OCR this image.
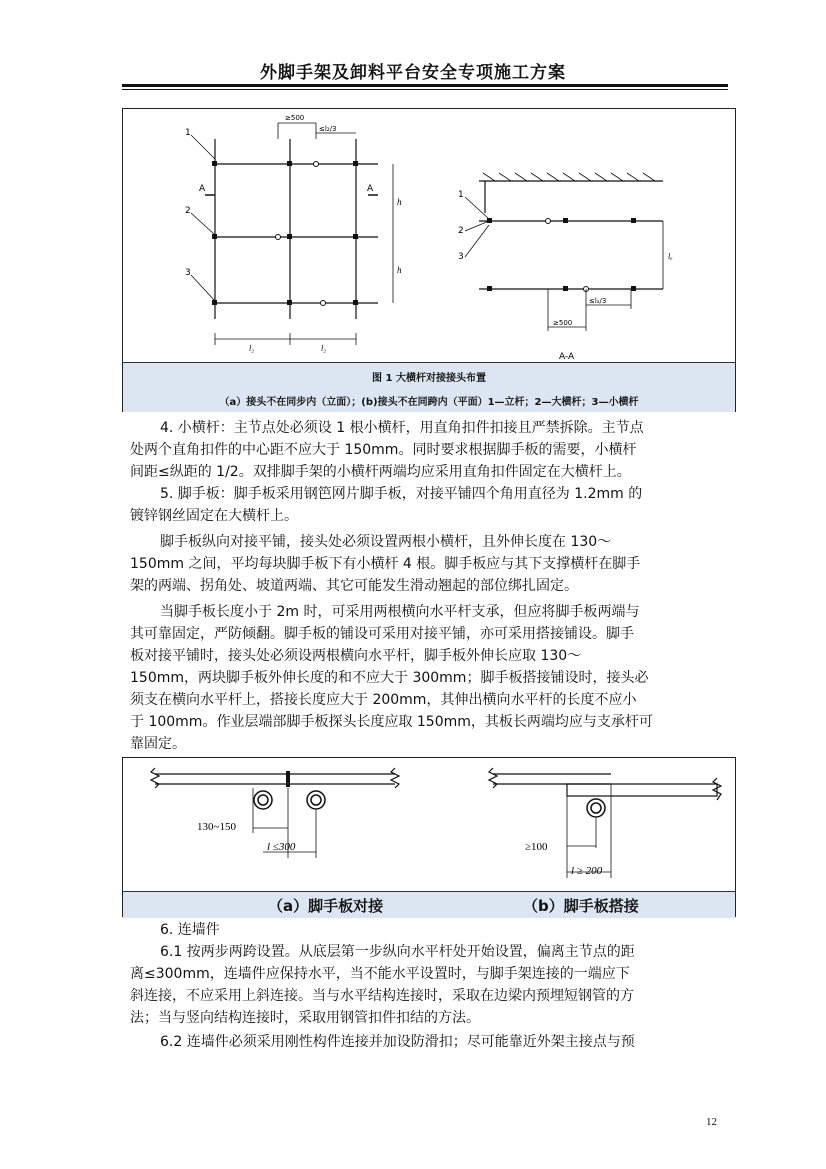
外脚手架及卸料平台安全专项施工方案
1
2
3
A	A
≥500
≤l₂/3
h
h
l₂	l₂
1
2
3	lₐ
≤lₐ/3
≥500
A-A
图 1 大横杆对接接头布置
（a）接头不在同步内（立面）；(b)接头不在同跨内（平面）1—立杆；2—大横杆；3—小横杆

4. 小横杆：主节点处必须设 1 根小横杆，用直角扣件扣接且严禁拆除。主节点

处两个直角扣件的中心距不应大于 150mm。同时要求根据脚手板的需要，小横杆

间距≤纵距的 1/2。双排脚手架的小横杆两端均应采用直角扣件固定在大横杆上。

5. 脚手板：脚手板采用钢笆网片脚手板，对接平铺四个角用直径为 1.2mm 的

镀锌钢丝固定在大横杆上。

脚手板纵向对接平铺，接头处必须设置两根小横杆，且外伸长度在 130～

150mm 之间，平均每块脚手板下有小横杆 4 根。脚手板应与其下支撑横杆在脚手

架的两端、拐角处、坡道两端、其它可能发生滑动翘起的部位绑扎固定。

当脚手板长度小于 2m 时，可采用两根横向水平杆支承，但应将脚手板两端与

其可靠固定，严防倾翻。脚手板的铺设可采用对接平铺，亦可采用搭接铺设。脚手

板对接平铺时，接头处必须设两根横向水平杆，脚手板外伸长应取 130～

150mm，两块脚手板外伸长度的和不应大于 300mm；脚手板搭接铺设时，接头必

须支在横向水平杆上，搭接长度应大于 200mm，其伸出横向水平杆的长度不应小

于 100mm。作业层端部脚手板探头长度应取 150mm，其板长两端均应与支承杆可

靠固定。

130~150
l ≤300	≥100
l ≥ 200
（a）脚手板对接	（b）脚手板搭接

6. 连墙件

6.1 按两步两跨设置。从底层第一步纵向水平杆处开始设置，偏离主节点的距

离≤300mm，连墙件应保持水平，当不能水平设置时，与脚手架连接的一端应下

斜连接，不应采用上斜连接。当与水平结构连接时，采取在边梁内预埋短钢管的方

法；当与竖向结构连接时，采取用钢管扣件扣结的方法。

6.2 连墙件必须采用刚性构件连接并加设防滑扣；尽可能靠近外架主接点与预

12
